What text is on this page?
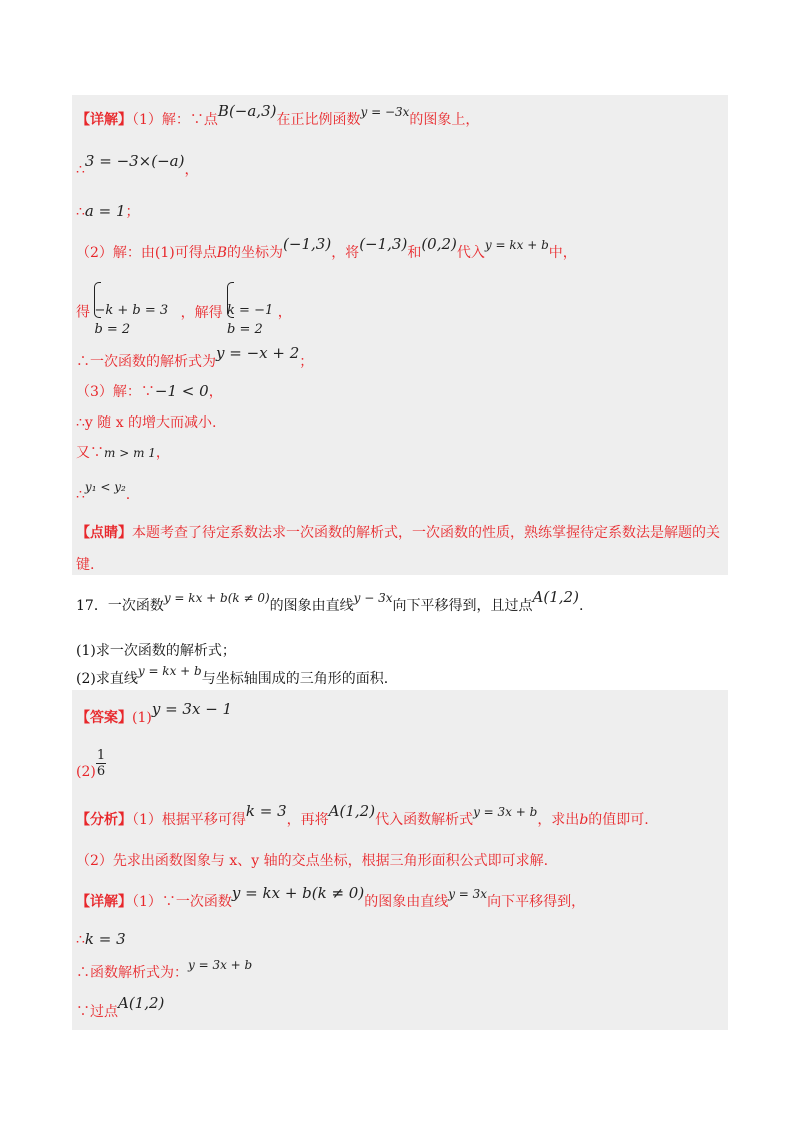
【详解】（1）解：∵点B(−a,3)在正比例函数y = −3x的图象上，
∴3 = −3×(−a)，
∴a = 1；
（2）解：由(1)可得点B的坐标为(−1,3)，将(−1,3)和(0,2)代入y = kx + b中，
得 −k + b = 3
b = 2
，解得 k = −1
b = 2
，
∴一次函数的解析式为y = −x + 2；
（3）解：∵−1 < 0，
∴y 随 x 的增大而减小.
又∵m > m 1，
∴y₁ < y₂.
【点睛】本题考查了待定系数法求一次函数的解析式，一次函数的性质，熟练掌握待定系数法是解题的关
键.
17．一次函数y = kx + b(k ≠ 0)的图象由直线y − 3x向下平移得到，且过点A(1,2).
(1)求一次函数的解析式；
(2)求直线y = kx + b与坐标轴围成的三角形的面积.
【答案】(1)y = 3x − 1
$(2) \frac{1}{6}$
【分析】（1）根据平移可得k = 3，再将A(1,2)代入函数解析式y = 3x + b，求出b的值即可.
（2）先求出函数图象与 x、y 轴的交点坐标，根据三角形面积公式即可求解.
【详解】（1）∵一次函数y = kx + b(k ≠ 0)的图象由直线y = 3x向下平移得到，
∴k = 3
∴函数解析式为：y = 3x + b
∵过点A(1,2)
